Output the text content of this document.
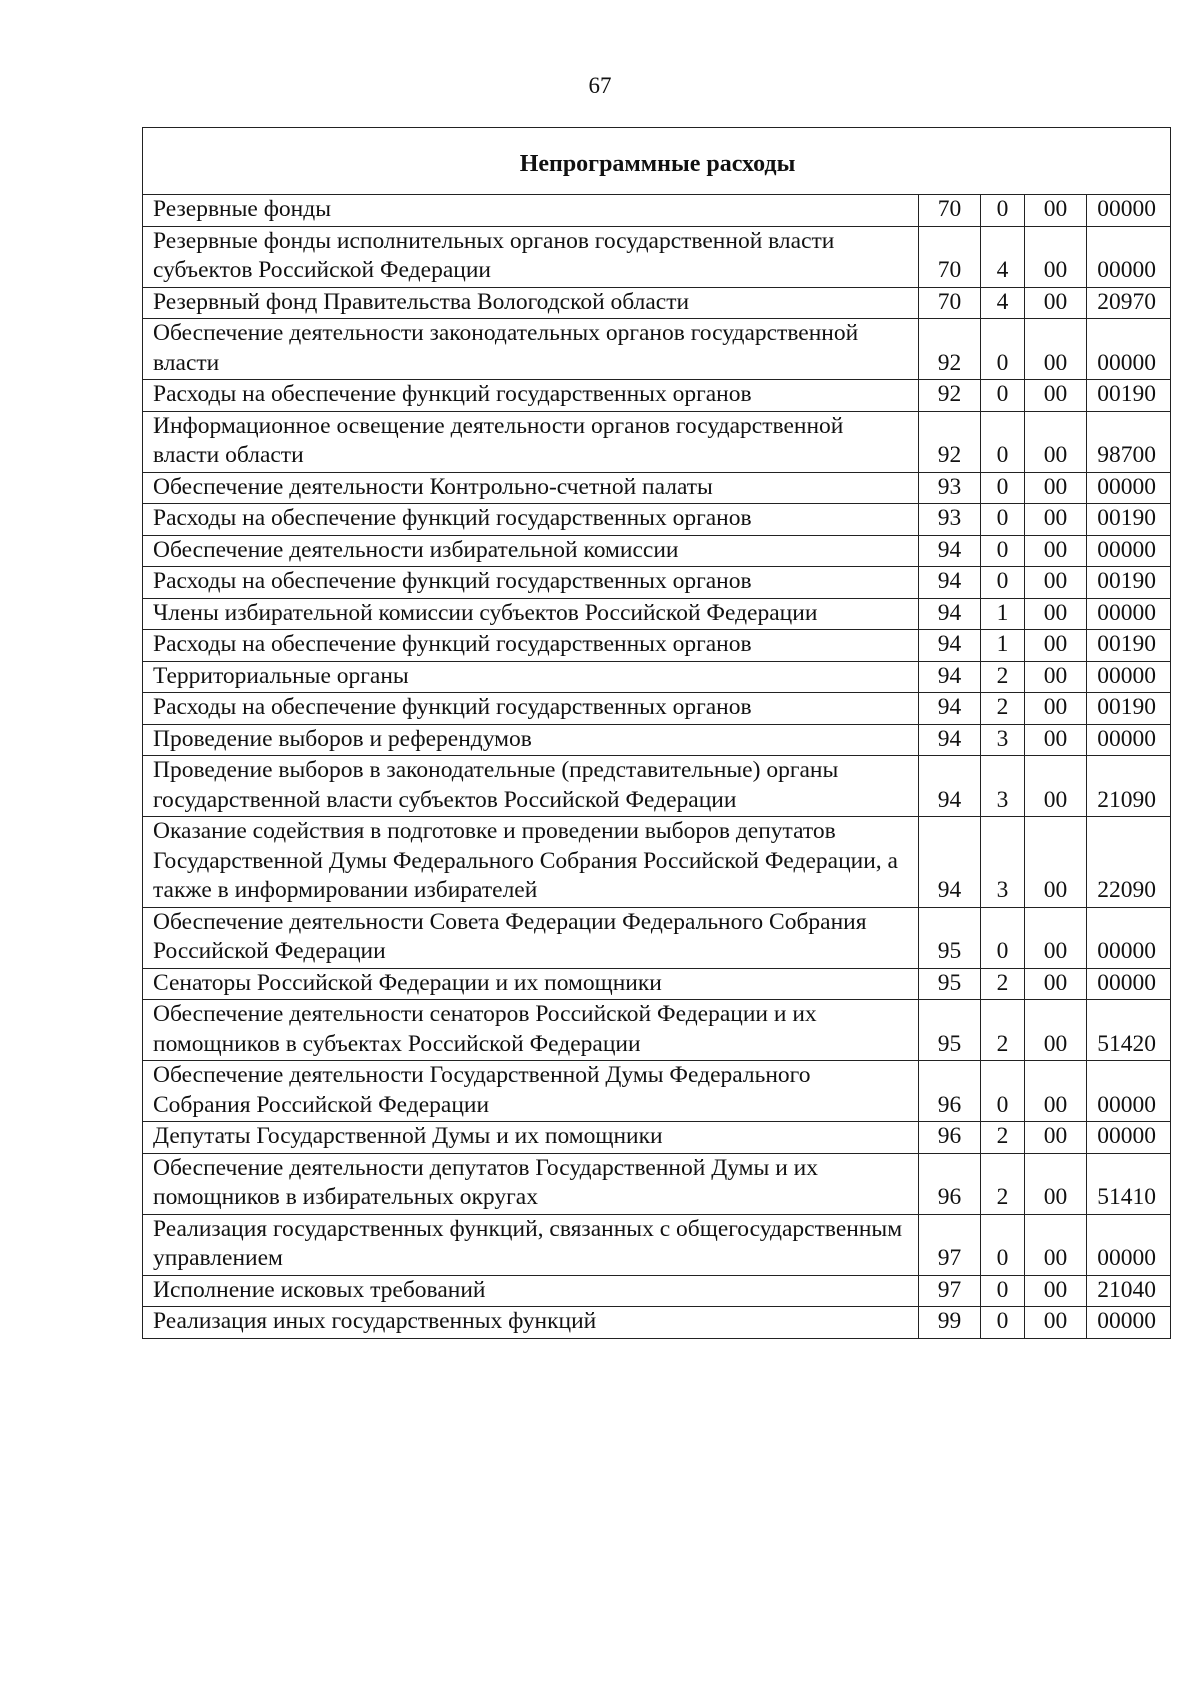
67
Непрограммные расходы				
Резервные фонды	70	0	00	00000
Резервные фонды исполнительных органов государственной власти субъектов Российской Федерации	70	4	00	00000
Резервный фонд Правительства Вологодской области	70	4	00	20970
Обеспечение деятельности законодательных органов государственной власти	92	0	00	00000
Расходы на обеспечение функций государственных органов	92	0	00	00190
Информационное освещение деятельности органов государственной власти области	92	0	00	98700
Обеспечение деятельности Контрольно-счетной палаты	93	0	00	00000
Расходы на обеспечение функций государственных органов	93	0	00	00190
Обеспечение деятельности избирательной комиссии	94	0	00	00000
Расходы на обеспечение функций государственных органов	94	0	00	00190
Члены избирательной комиссии субъектов Российской Федерации	94	1	00	00000
Расходы на обеспечение функций государственных органов	94	1	00	00190
Территориальные органы	94	2	00	00000
Расходы на обеспечение функций государственных органов	94	2	00	00190
Проведение выборов и референдумов	94	3	00	00000
Проведение выборов в законодательные (представительные) органы государственной власти субъектов Российской Федерации	94	3	00	21090
Оказание содействия в подготовке и проведении выборов депутатов Государственной Думы Федерального Собрания Российской Федерации, а также в информировании избирателей	94	3	00	22090
Обеспечение деятельности Совета Федерации Федерального Собрания Российской Федерации	95	0	00	00000
Сенаторы Российской Федерации и их помощники	95	2	00	00000
Обеспечение деятельности сенаторов Российской Федерации и их помощников в субъектах Российской Федерации	95	2	00	51420
Обеспечение деятельности Государственной Думы Федерального Собрания Российской Федерации	96	0	00	00000
Депутаты Государственной Думы и их помощники	96	2	00	00000
Обеспечение деятельности депутатов Государственной Думы и их помощников в избирательных округах	96	2	00	51410
Реализация государственных функций, связанных с общегосударственным управлением	97	0	00	00000
Исполнение исковых требований	97	0	00	21040
Реализация иных государственных функций	99	0	00	00000
